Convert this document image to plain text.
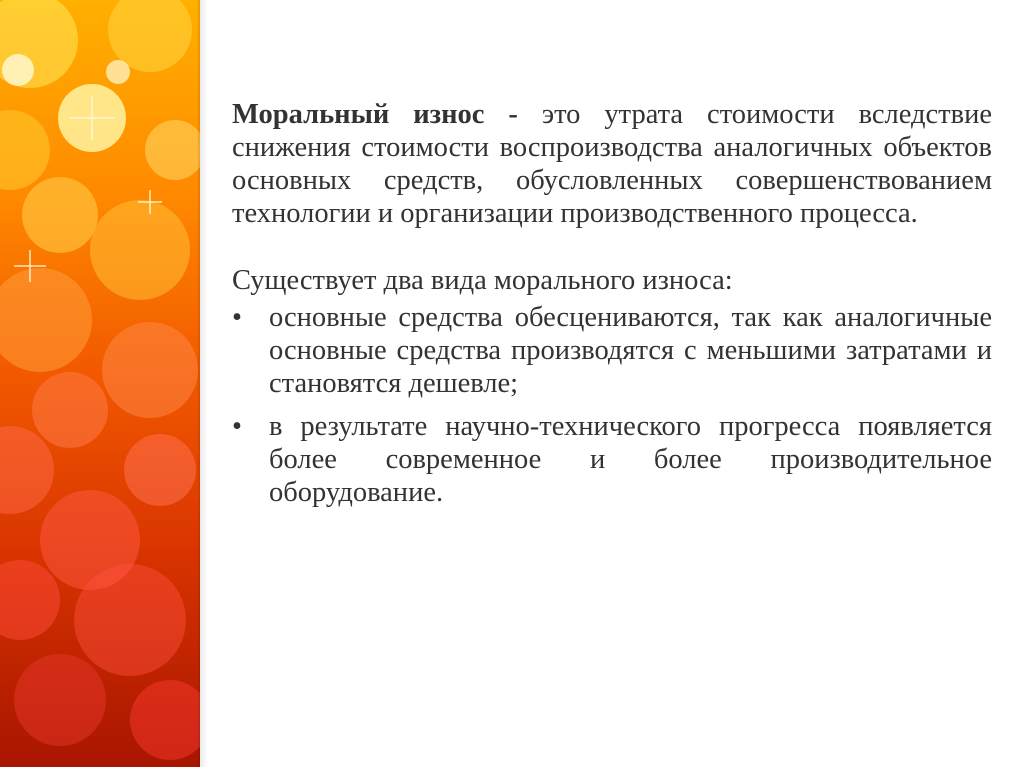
Моральный износ - это утрата стоимости вследствие снижения стоимости воспроизводства аналогичных объектов основных средств, обусловленных совершенствованием технологии и организации производственного процесса.

Существует два вида морального износа:

• основные средства обесцениваются, так как аналогичные основные средства производятся с меньшими затратами и становятся дешевле;
• в результате научно-технического прогресса появляется более современное и более производительное оборудование.
